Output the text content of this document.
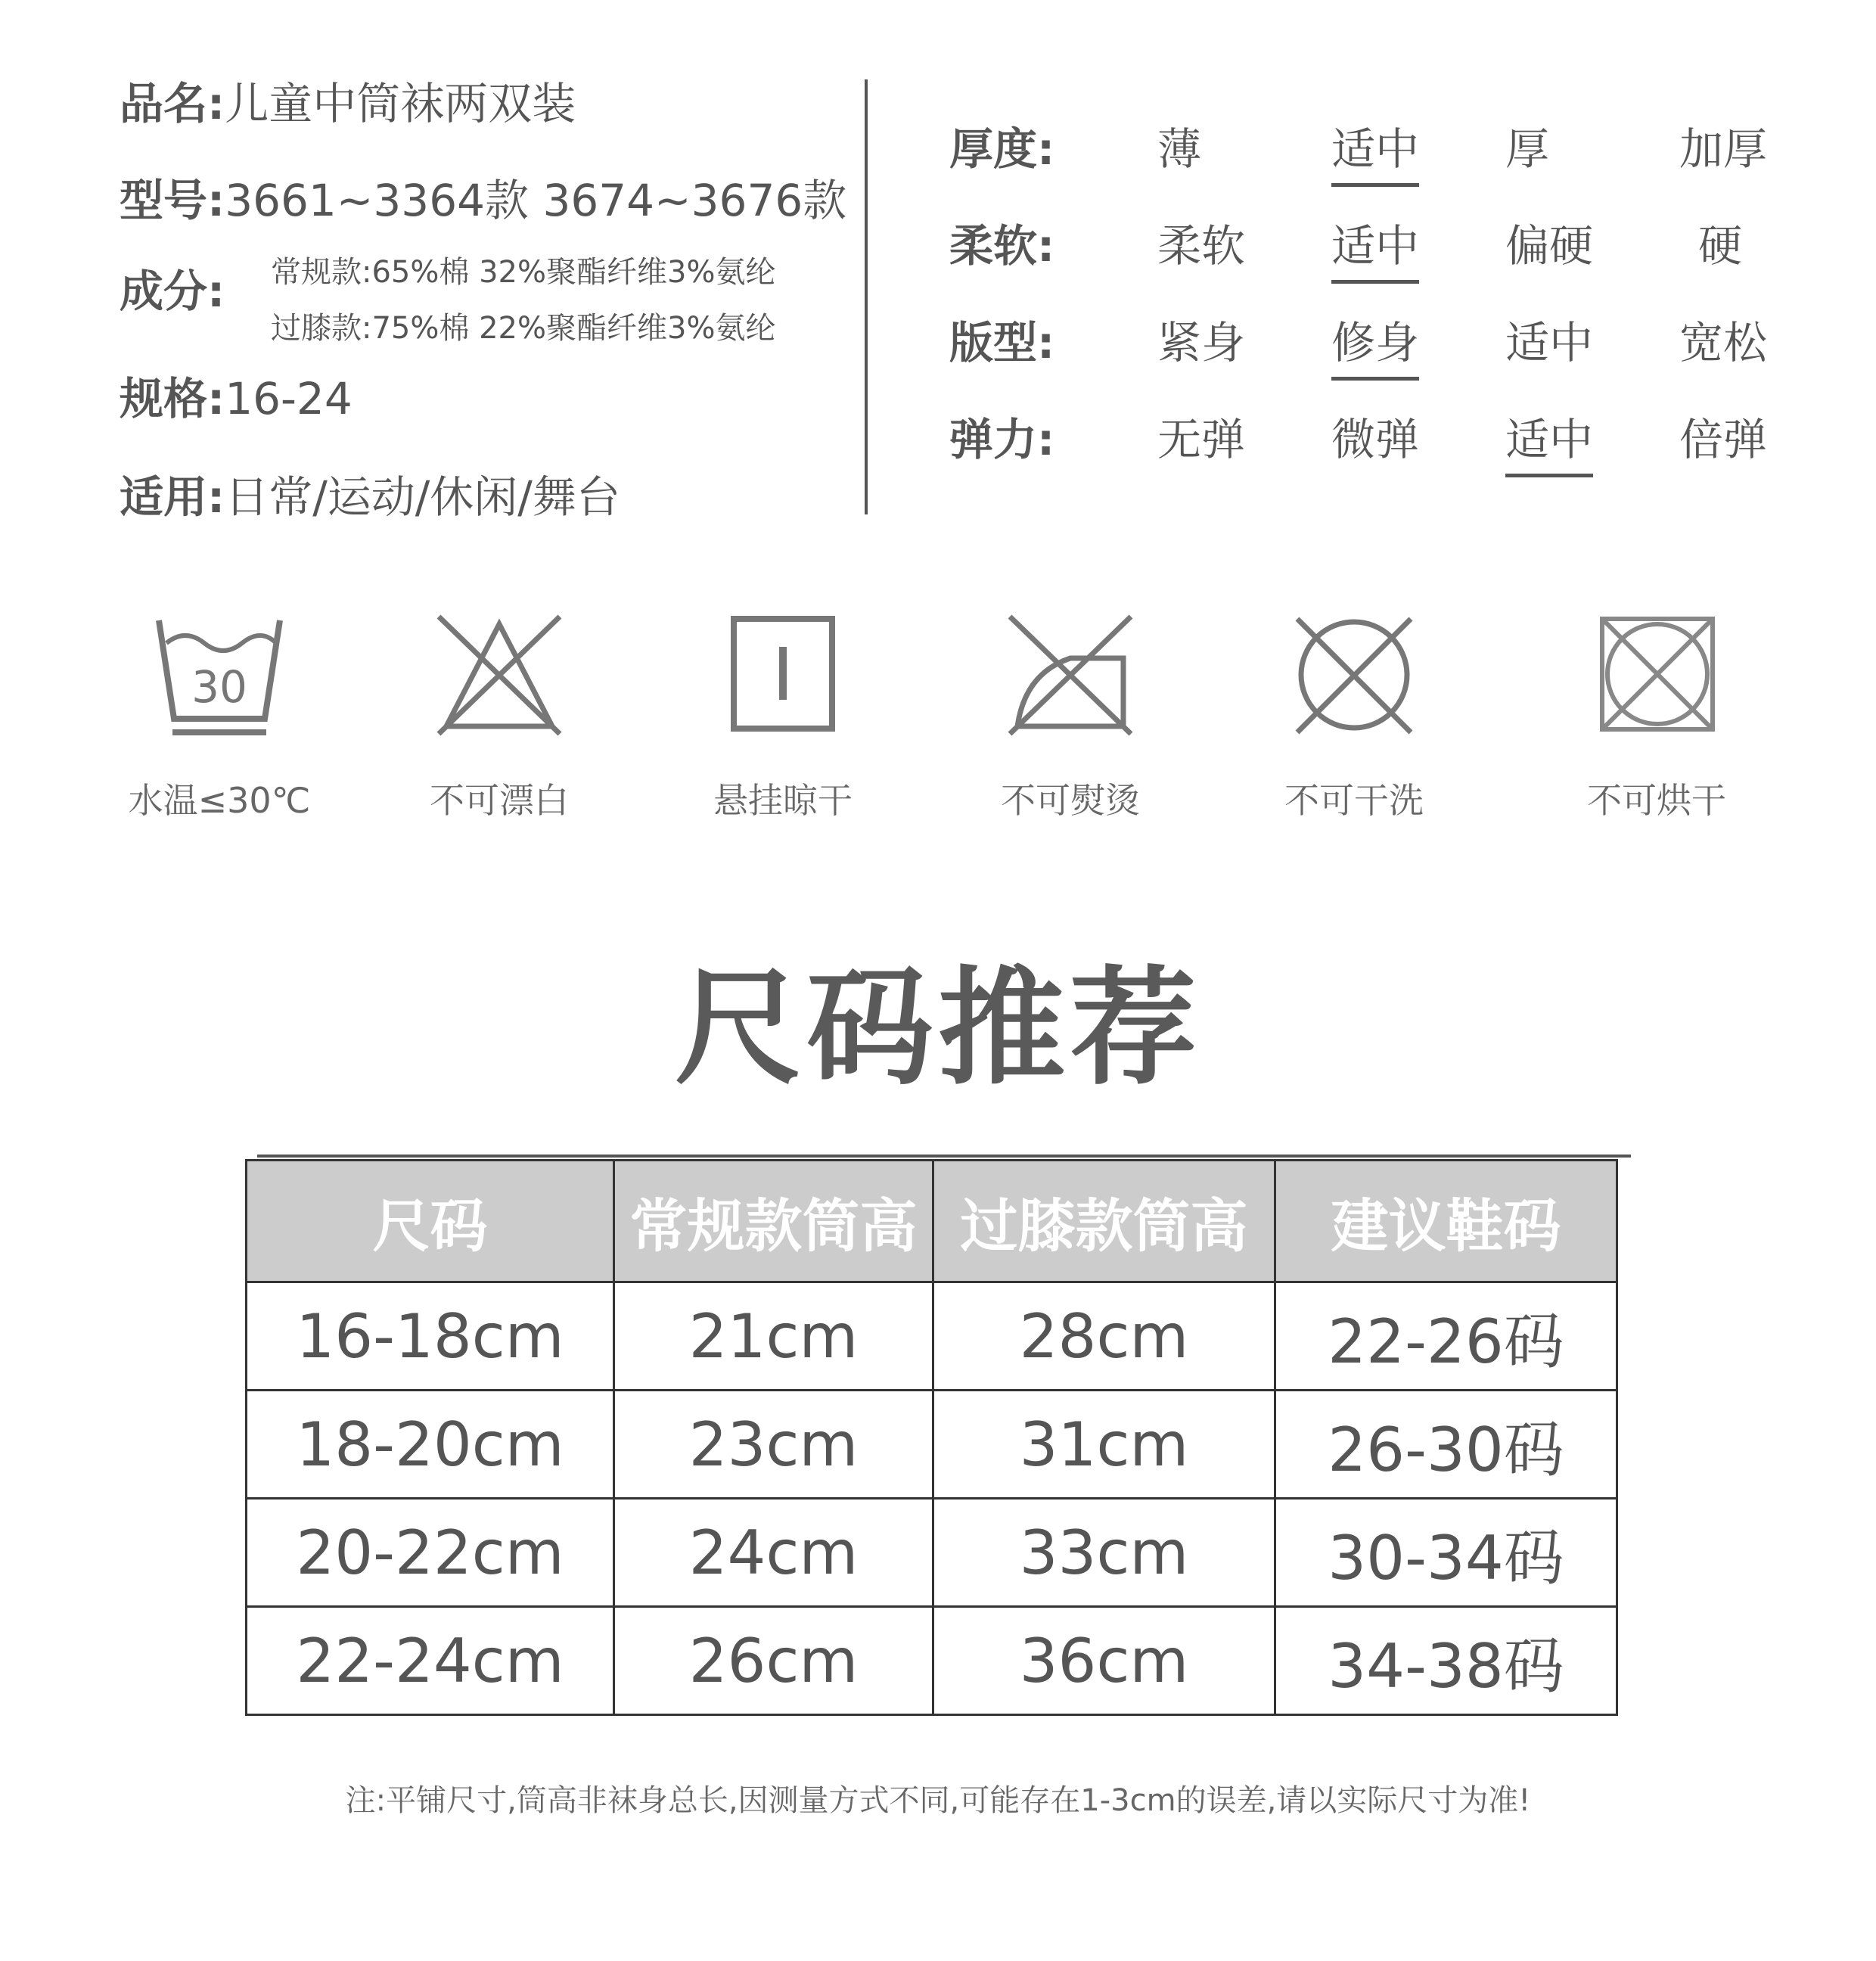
品名:儿童中筒袜两双装
型号:3661~3364款 3674~3676款
成分: 常规款:65%棉 32%聚酯纤维3%氨纶
过膝款:75%棉 22%聚酯纤维3%氨纶
规格:16-24
适用:日常/运动/休闲/舞台
厚度: 薄	适中 厚	加厚
柔软: 柔软 适中 偏硬 硬
版型: 紧身 修身 适中 宽松
弹力: 无弹 微弹 适中 倍弹
30
水温≤30℃	不可漂白	悬挂晾干	不可熨烫	不可干洗	不可烘干
尺码推荐
尺码	常规款筒高	过膝款筒高	建议鞋码
16-18cm	21cm	28cm	22-26码
18-20cm	23cm	31cm	26-30码
20-22cm	24cm	33cm	30-34码
22-24cm	26cm	36cm	34-38码
注:平铺尺寸,筒高非袜身总长,因测量方式不同,可能存在1-3cm的误差,请以实际尺寸为准!
